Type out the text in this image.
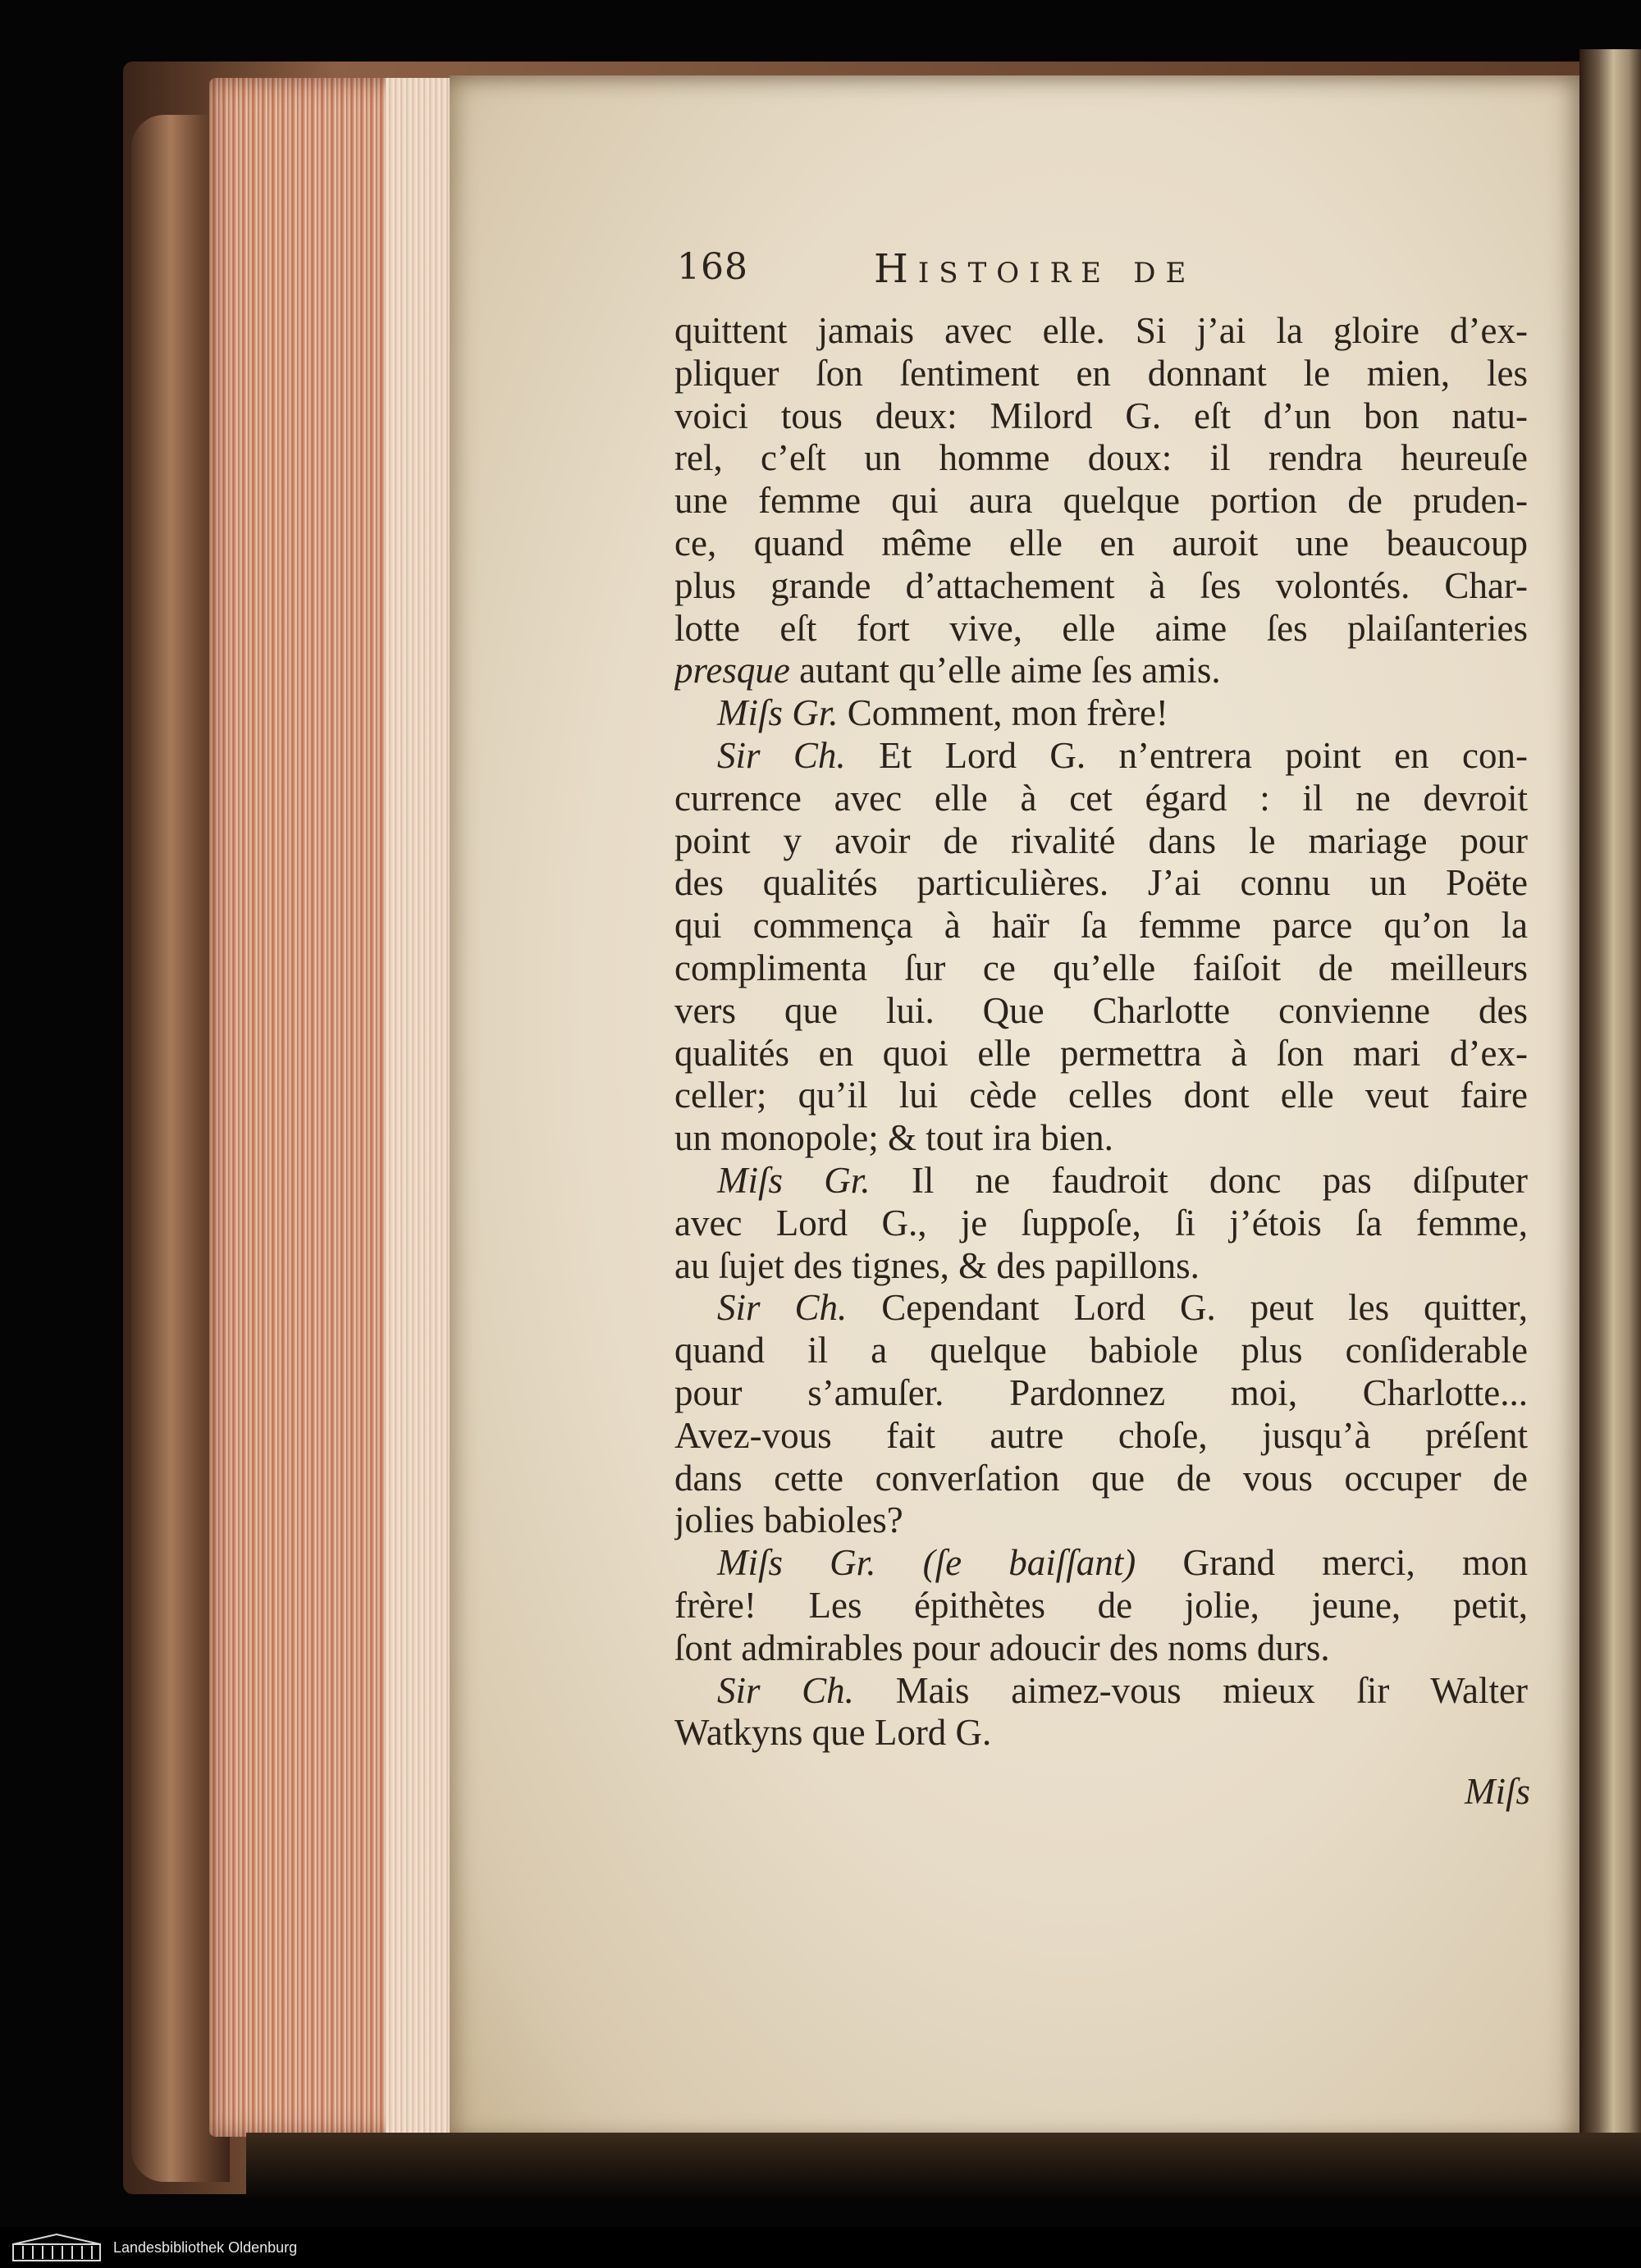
168	Histoire de
quittent jamais avec elle. Si j’ai la gloire d’ex-
pliquer ſon ſentiment en donnant le mien, les
voici tous deux: Milord G. eſt d’un bon natu-
rel, c’eſt un homme doux: il rendra heureuſe
une femme qui aura quelque portion de pruden-
ce, quand même elle en auroit une beaucoup
plus grande d’attachement à ſes volontés. Char-
lotte eſt fort vive, elle aime ſes plaiſanteries
presque autant qu’elle aime ſes amis.
Miſs Gr. Comment, mon frère!
Sir Ch. Et Lord G. n’entrera point en con-
currence avec elle à cet égard : il ne devroit
point y avoir de rivalité dans le mariage pour
des qualités particulières. J’ai connu un Poëte
qui commença à haïr ſa femme parce qu’on la
complimenta ſur ce qu’elle faiſoit de meilleurs
vers que lui. Que Charlotte convienne des
qualités en quoi elle permettra à ſon mari d’ex-
celler; qu’il lui cède celles dont elle veut faire
un monopole; & tout ira bien.
Miſs Gr. Il ne faudroit donc pas diſputer
avec Lord G., je ſuppoſe, ſi j’étois ſa femme,
au ſujet des tignes, & des papillons.
Sir Ch. Cependant Lord G. peut les quitter,
quand il a quelque babiole plus conſiderable
pour s’amuſer. Pardonnez moi, Charlotte...
Avez-vous fait autre choſe, jusqu’à préſent
dans cette converſation que de vous occuper de
jolies babioles?
Miſs Gr. (ſe baiſſant) Grand merci, mon
frère! Les épithètes de jolie, jeune, petit,
ſont admirables pour adoucir des noms durs.
Sir Ch. Mais aimez-vous mieux ſir Walter
Watkyns que Lord G.
Miſs
Landesbibliothek Oldenburg
